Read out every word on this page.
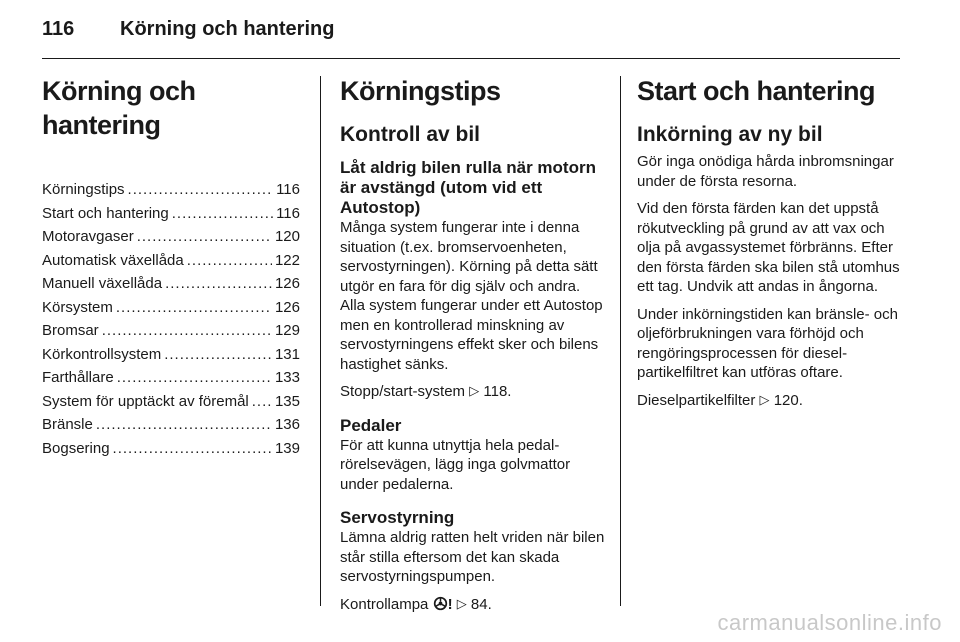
116	Körning och hantering
Körning och hantering
Körningstips .....	116
Start och hantering .....	116
Motoravgaser .....	120
Automatisk växellåda .....	122
Manuell växellåda .....	126
Körsystem .....	126
Bromsar .....	129
Körkontrollsystem .....	131
Farthållare .....	133
System för upptäckt av föremål ..... 135
Bränsle .....	136
Bogsering .....	139
Körningstips
Kontroll av bil
Låt aldrig bilen rulla när motorn är avstängd (utom vid ett Autostop)

Många system fungerar inte i denna situation (t.ex. bromservoenheten, servostyrningen). Körning på detta sätt utgör en fara för dig själv och andra. Alla system fungerar under ett Autostop men en kontrollerad minskning av servostyrningens effekt sker och bilens hastighet sänks.

Stopp/start-system ▷ 118.

Pedaler

För att kunna utnyttja hela pedalrörelsevägen, lägg inga golvmattor under pedalerna.

Servostyrning

Lämna aldrig ratten helt vriden när bilen står stilla eftersom det kan skada servostyrningspumpen.

Kontrollampa ! ▷ 84.

Start och hantering
Inkörning av ny bil

Gör inga onödiga hårda inbromsningar under de första resorna.

Vid den första färden kan det uppstå rökutveckling på grund av att vax och olja på avgassystemet förbränns. Efter den första färden ska bilen stå utomhus ett tag. Undvik att andas in ångorna.

Under inkörningstiden kan bränsle- och oljeförbrukningen vara förhöjd och rengöringsprocessen för dieselpartikelfiltret kan utföras oftare.

Dieselpartikelfilter ▷ 120.

carmanualsonline.info
